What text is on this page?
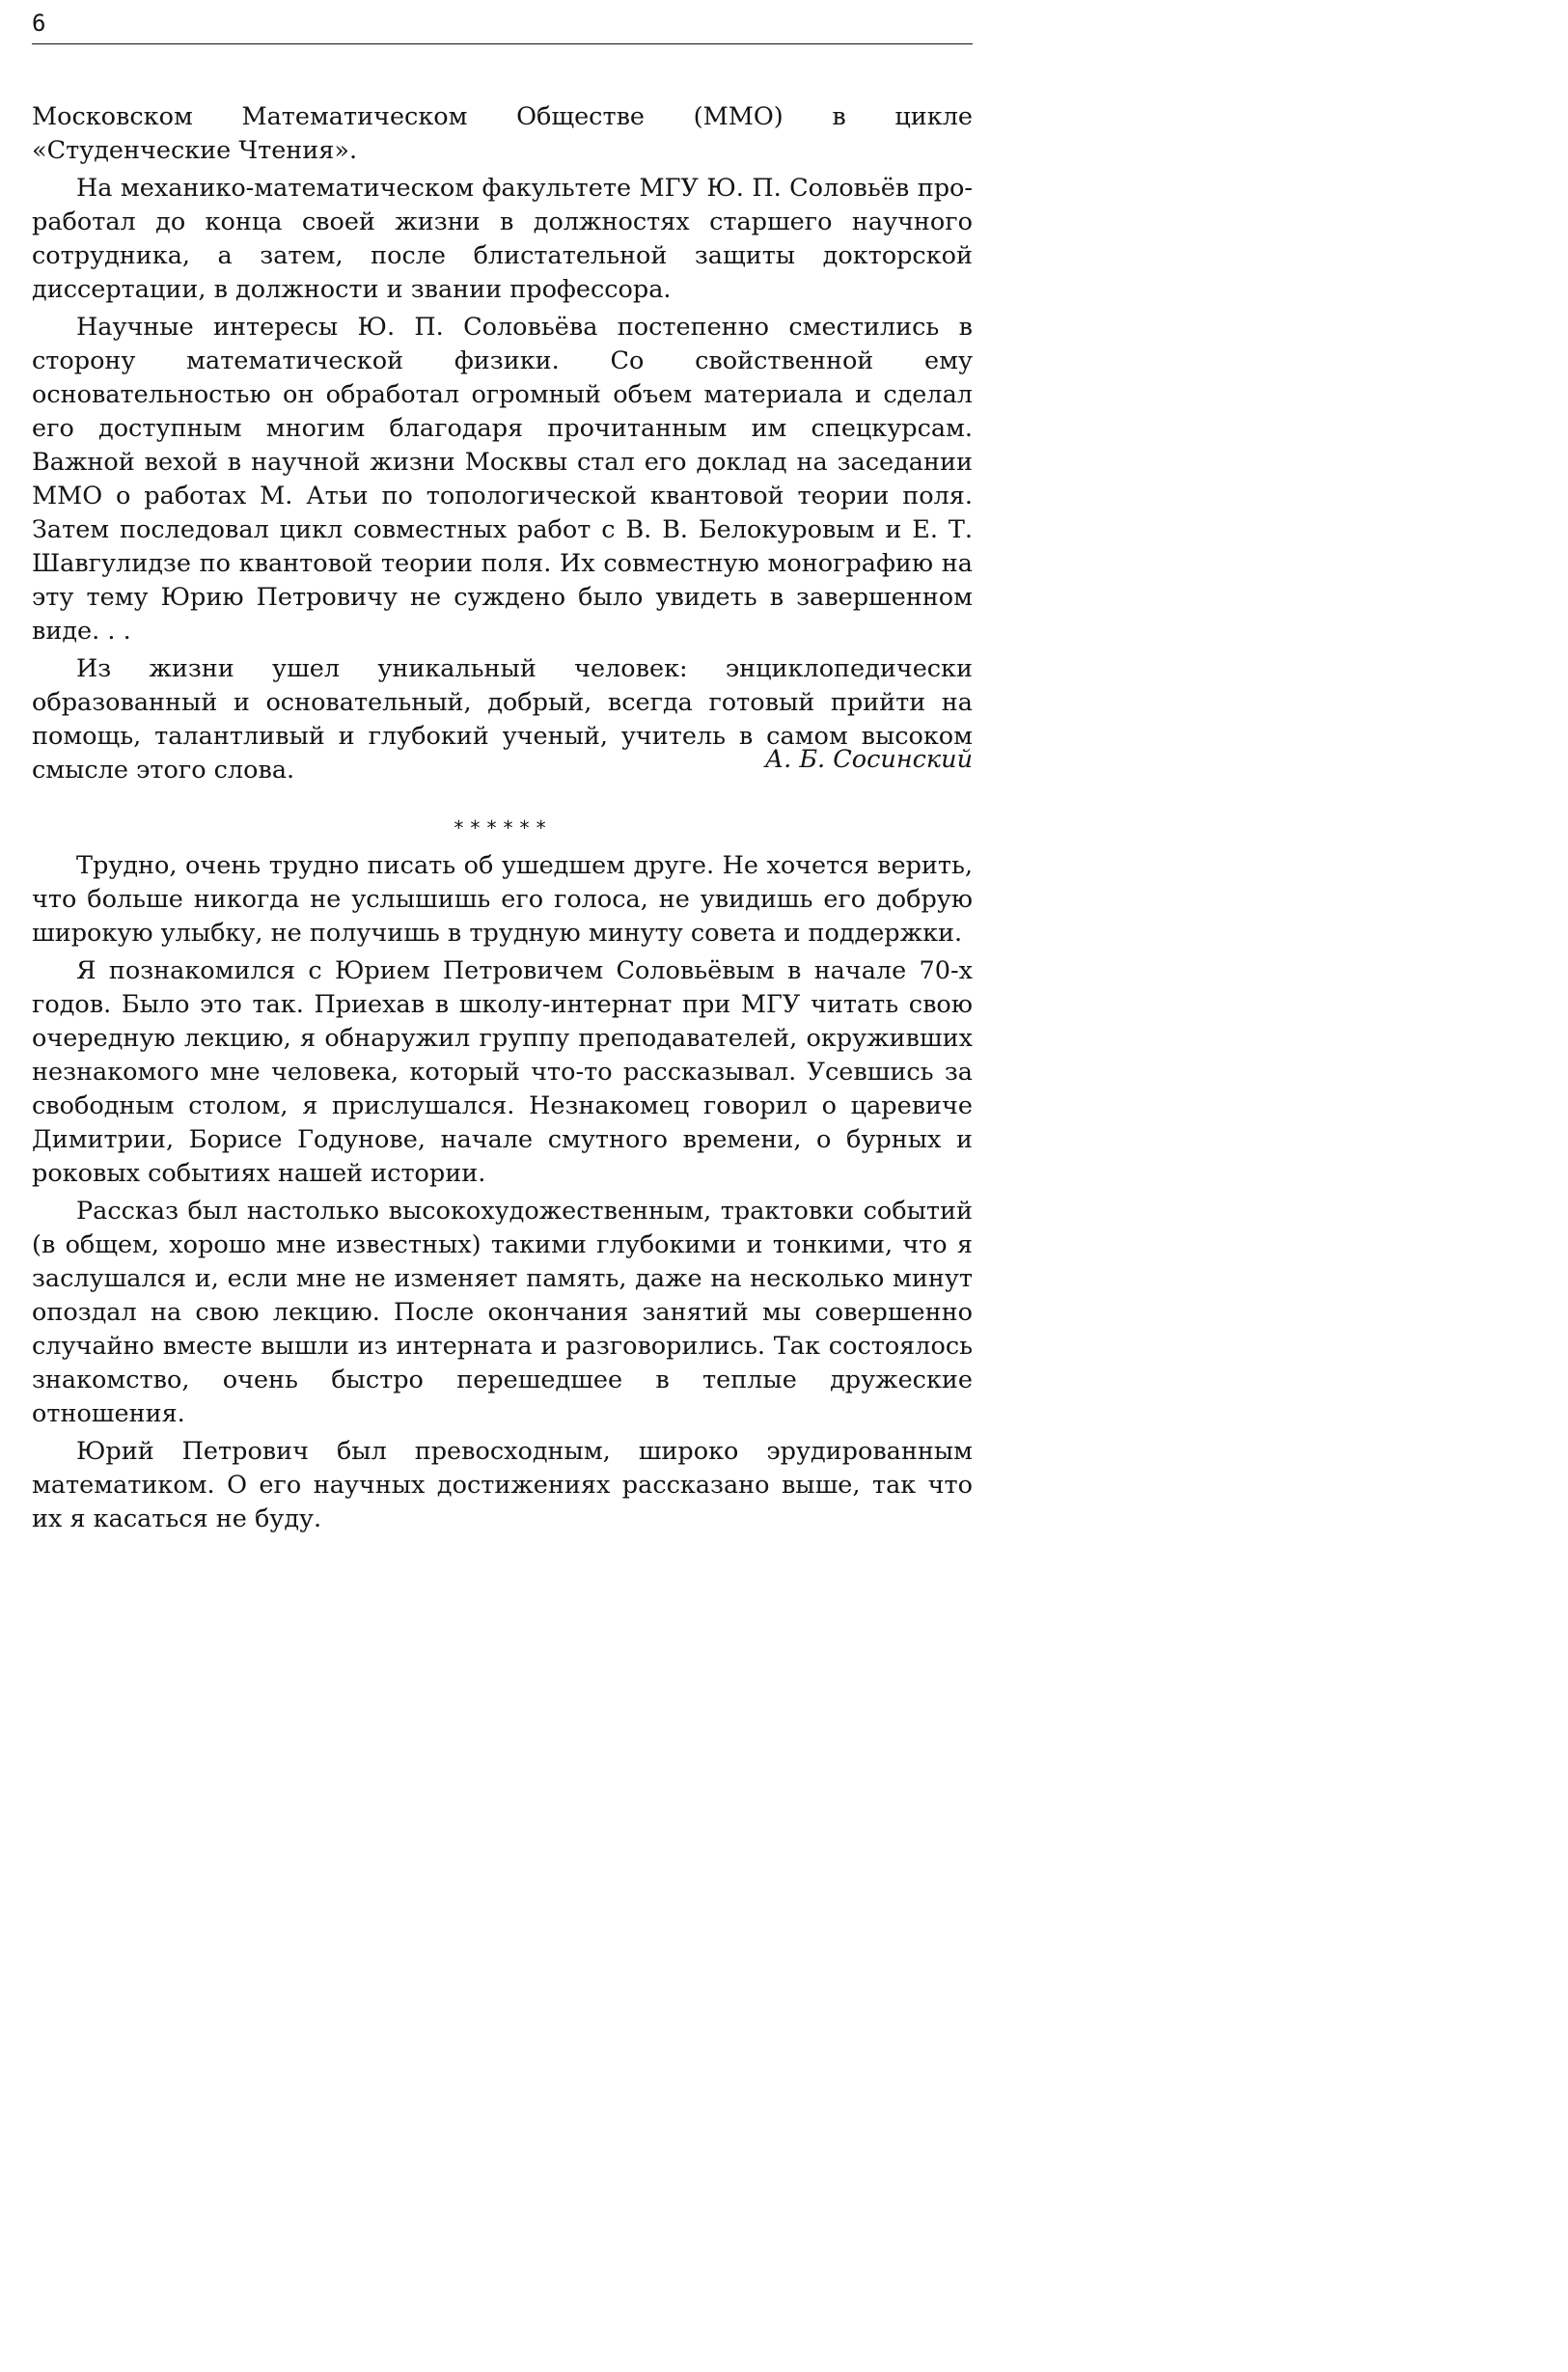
6

Московском Математическом Обществе (ММО) в цикле «Студенческие Чтения».

На механико-математическом факультете МГУ Ю. П. Соловьёв проработал до конца своей жизни в должностях старшего научного сотрудника, а затем, после блистательной защиты докторской диссертации, в должности и звании профессора.

Научные интересы Ю. П. Соловьёва постепенно сместились в сторону математической физики. Со свойственной ему основательностью он обработал огромный объем материала и сделал его доступным многим благодаря прочитанным им спецкурсам. Важной вехой в научной жизни Москвы стал его доклад на заседании ММО о работах М. Атьи по топологической квантовой теории поля. Затем последовал цикл совместных работ с В. В. Белокуровым и Е. Т. Шавгулидзе по квантовой теории поля. Их совместную монографию на эту тему Юрию Петровичу не суждено было увидеть в завершенном виде. . .

Из жизни ушел уникальный человек: энциклопедически образованный и основательный, добрый, всегда готовый прийти на помощь, талантливый и глубокий ученый, учитель в самом высоком смысле этого слова.	А. Б. Сосинский
******

Трудно, очень трудно писать об ушедшем друге. Не хочется верить, что больше никогда не услышишь его голоса, не увидишь его добрую широкую улыбку, не получишь в трудную минуту совета и поддержки.

Я познакомился с Юрием Петровичем Соловьёвым в начале 70-х годов. Было это так. Приехав в школу-интернат при МГУ читать свою очередную лекцию, я обнаружил группу преподавателей, окруживших незнакомого мне человека, который что-то рассказывал. Усевшись за свободным столом, я прислушался. Незнакомец говорил о царевиче Димитрии, Борисе Годунове, начале смутного времени, о бурных и роковых событиях нашей истории.

Рассказ был настолько высокохудожественным, трактовки событий (в общем, хорошо мне известных) такими глубокими и тонкими, что я заслушался и, если мне не изменяет память, даже на несколько минут опоздал на свою лекцию. После окончания занятий мы совершенно случайно вместе вышли из интерната и разговорились. Так состоялось знакомство, очень быстро перешедшее в теплые дружеские отношения.

Юрий Петрович был превосходным, широко эрудированным математиком. О его научных достижениях рассказано выше, так что их я касаться не буду.
